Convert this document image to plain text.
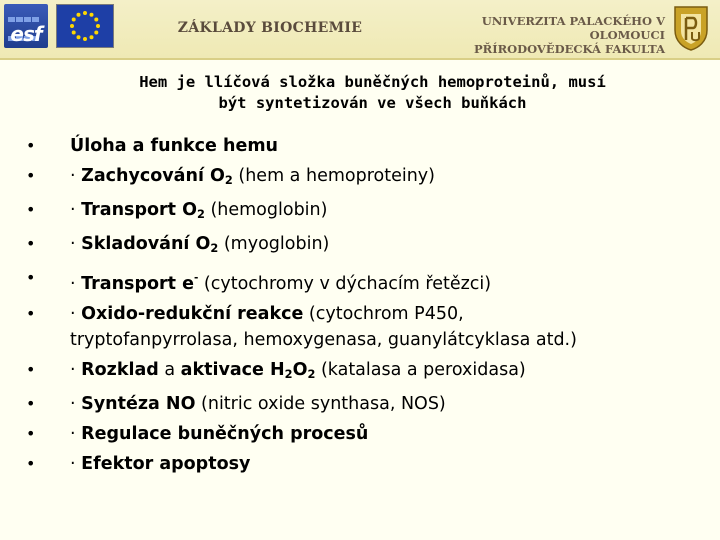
esf	ZÁKLADY BIOCHEMIE	UNIVERZITA PALACKÉHO V OLOMOUCI
PŘÍRODOVĚDECKÁ FAKULTA
Hem je llíčová složka buněčných hemoproteinů, musí
být syntetizován ve všech buňkách
• Úloha a funkce hemu
• · Zachycování $O_2$ (hem a hemoproteiny)
• · Transport $O_2$ (hemoglobin)
• · Skladování $O_2$ (myoglobin)
• · Transport e- (cytochromy v dýchacím řetězci)
• · Oxido-redukční reakce (cytochrom P450,
tryptofanpyrrolasa, hemoxygenasa, guanylátcyklasa atd.)
• · Rozklad a aktivace $H_2O_2$ (katalasa a peroxidasa)
• · Syntéza NO (nitric oxide synthasa, NOS)
• · Regulace buněčných procesů
• · Efektor apoptosy
